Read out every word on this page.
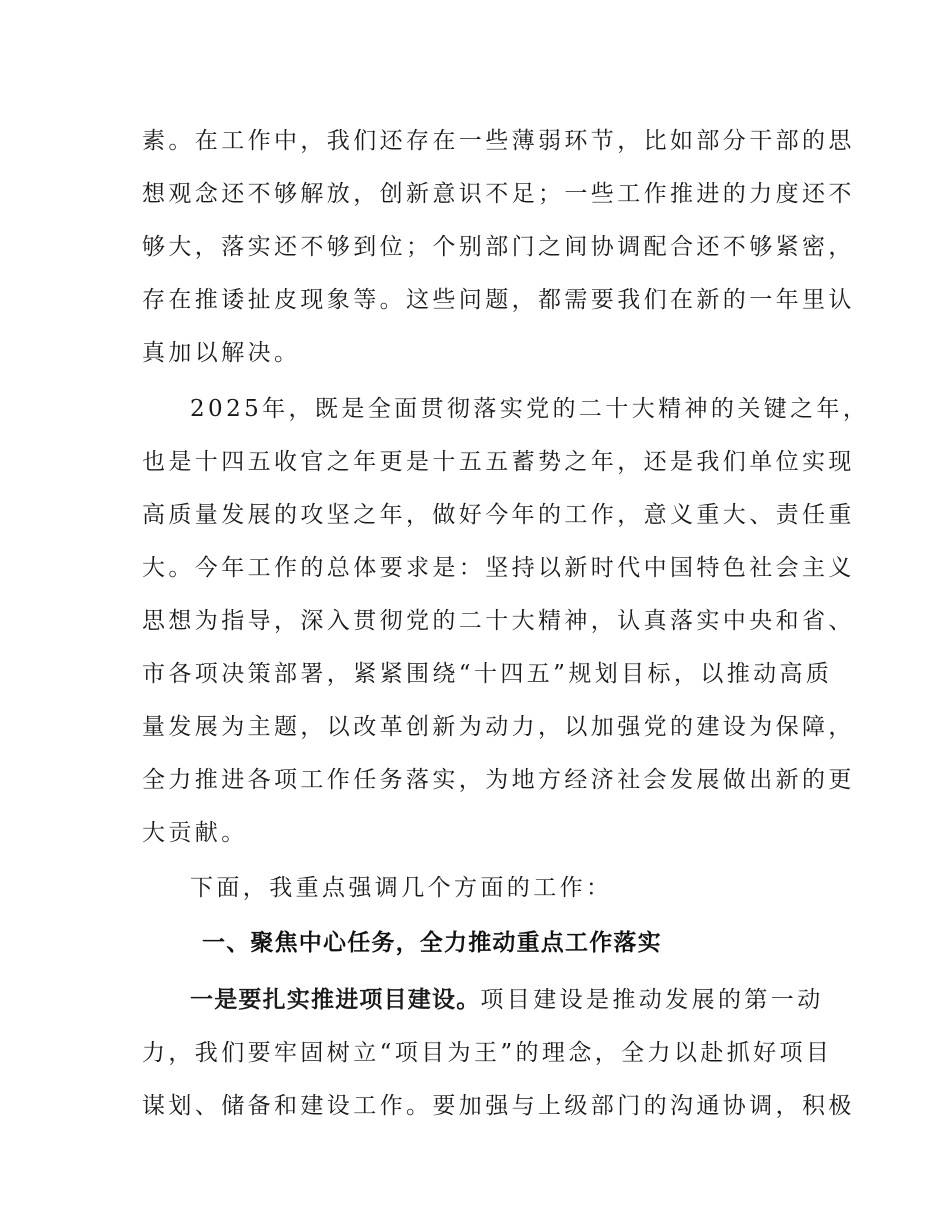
素。在工作中，我们还存在一些薄弱环节，比如部分干部的思
想观念还不够解放，创新意识不足；一些工作推进的力度还不
够大，落实还不够到位；个别部门之间协调配合还不够紧密，
存在推诿扯皮现象等。这些问题，都需要我们在新的一年里认
真加以解决。
2025年，既是全面贯彻落实党的二十大精神的关键之年，
也是十四五收官之年更是十五五蓄势之年，还是我们单位实现
高质量发展的攻坚之年，做好今年的工作，意义重大、责任重
大。今年工作的总体要求是：坚持以新时代中国特色社会主义
思想为指导，深入贯彻党的二十大精神，认真落实中央和省、
市各项决策部署，紧紧围绕“十四五”规划目标，以推动高质
量发展为主题，以改革创新为动力，以加强党的建设为保障，
全力推进各项工作任务落实，为地方经济社会发展做出新的更
大贡献。
下面，我重点强调几个方面的工作：
一、聚焦中心任务，全力推动重点工作落实
一是要扎实推进项目建设。项目建设是推动发展的第一动
力，我们要牢固树立“项目为王”的理念，全力以赴抓好项目
谋划、储备和建设工作。要加强与上级部门的沟通协调，积极
